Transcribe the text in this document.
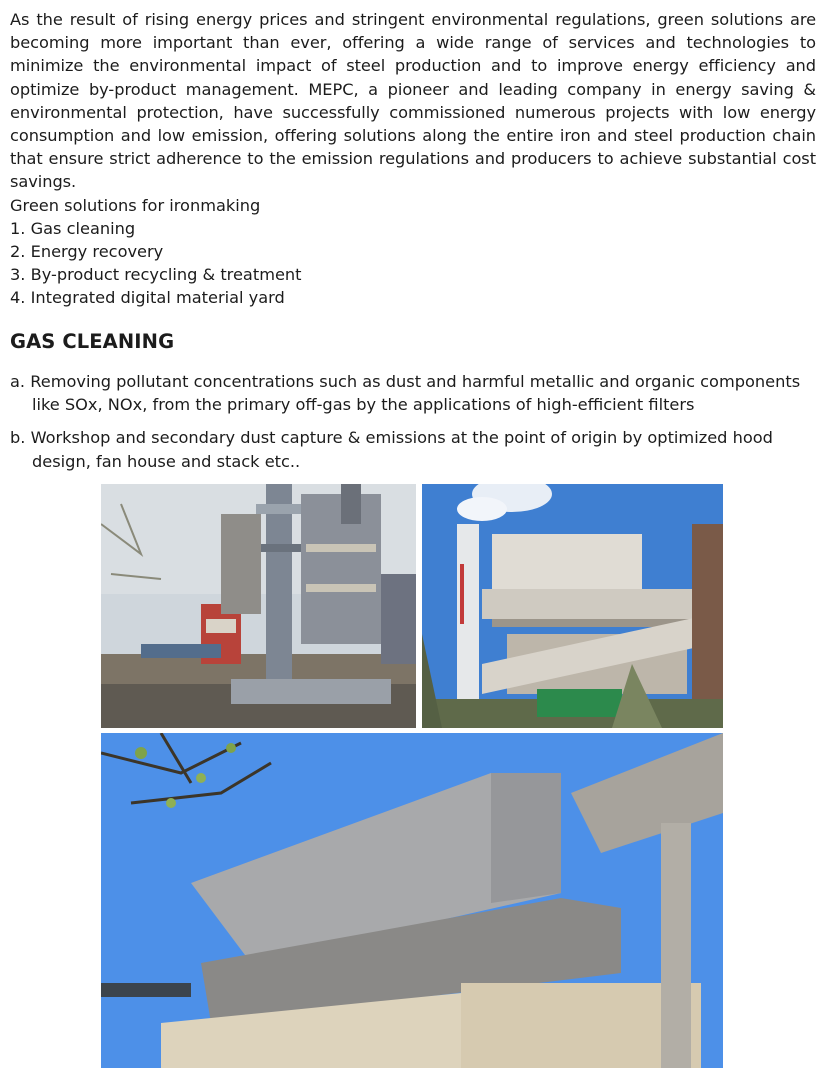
As the result of rising energy prices and stringent environmental regulations, green solutions are becoming more important than ever, offering a wide range of services and technologies to minimize the environmental impact of steel production and to improve energy efficiency and optimize by-product management. MEPC, a pioneer and leading company in energy saving & environmental protection, have successfully commissioned numerous projects with low energy consumption and low emission, offering solutions along the entire iron and steel production chain that ensure strict adherence to the emission regulations and producers to achieve substantial cost savings.

Green solutions for ironmaking

1. Gas cleaning
2. Energy recovery
3. By-product recycling & treatment
4. Integrated digital material yard
GAS CLEANING

a. Removing pollutant concentrations such as dust and harmful metallic and organic components like SOx, NOx, from the primary off-gas by the applications of high-efficient filters

b. Workshop and secondary dust capture & emissions at the point of origin by optimized hood design, fan house and stack etc..
